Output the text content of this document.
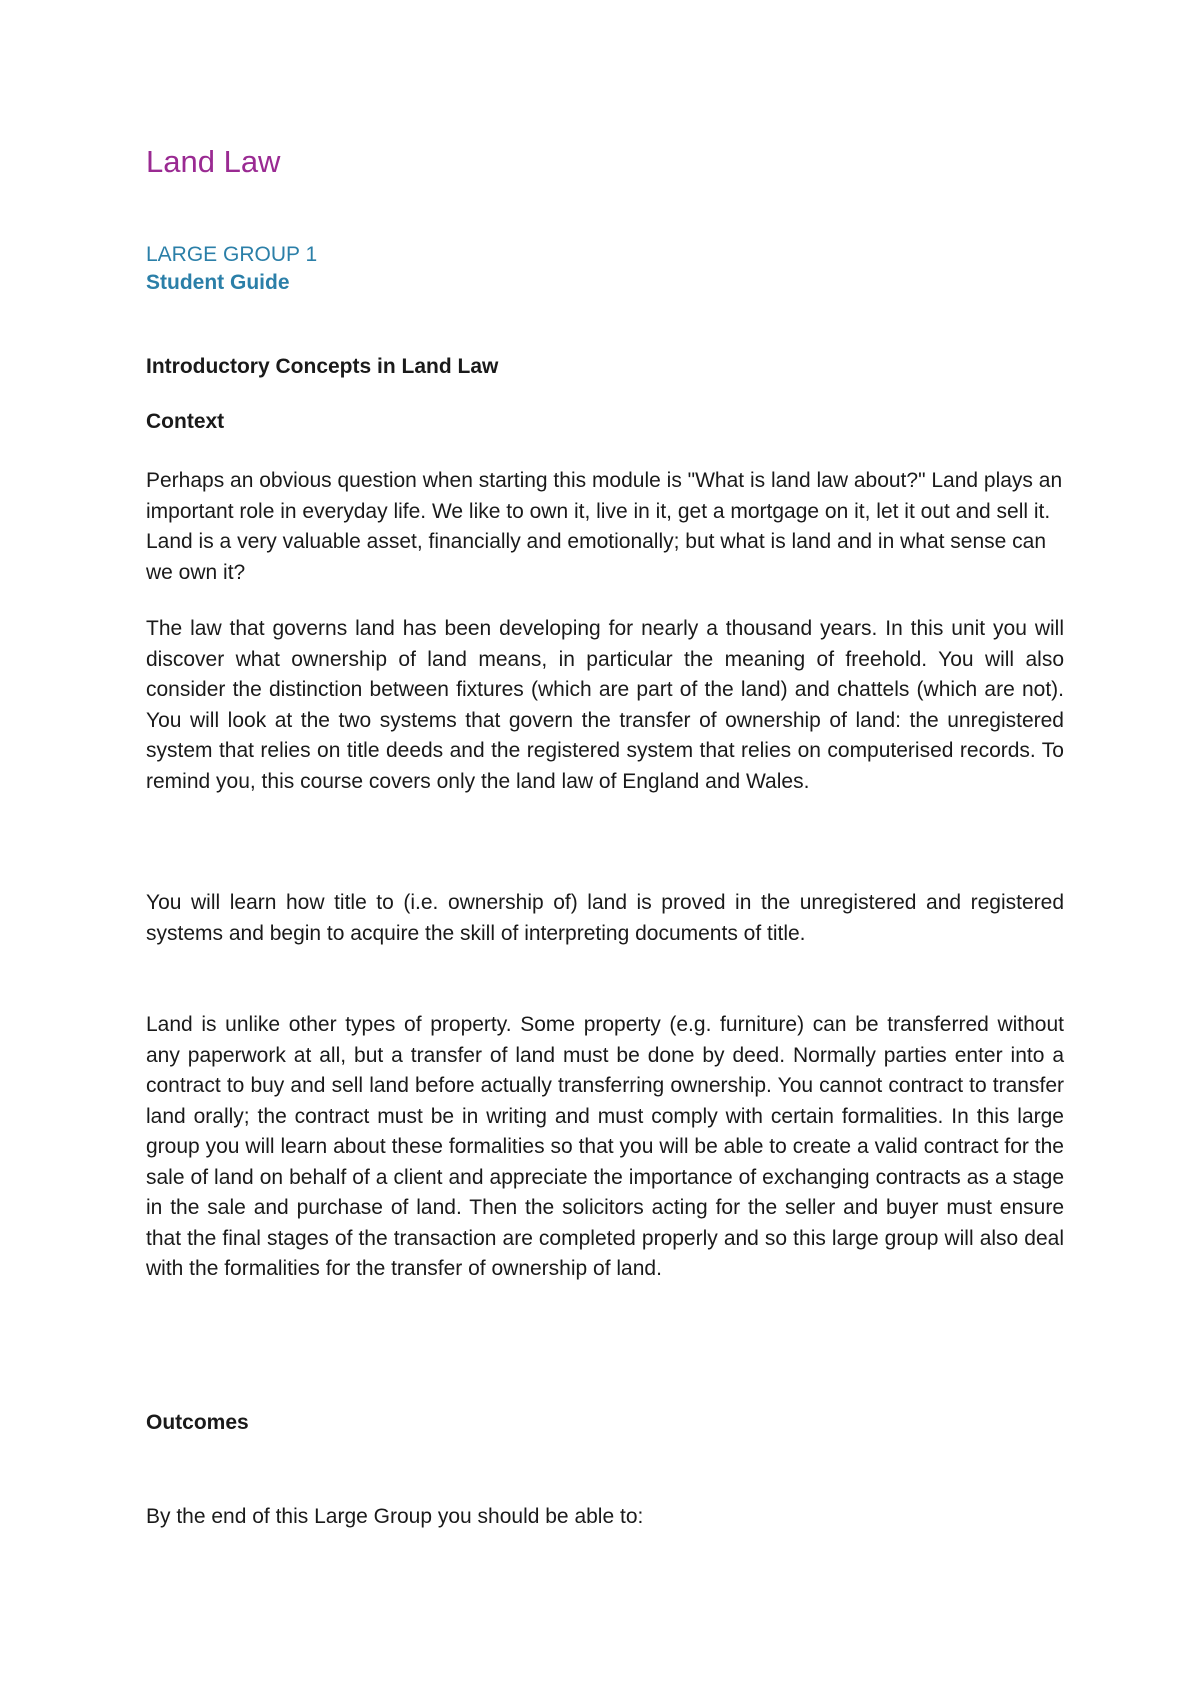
Land Law

LARGE GROUP 1

Student Guide

Introductory Concepts in Land Law
Context

Perhaps an obvious question when starting this module is "What is land law about?" Land plays an important role in everyday life. We like to own it, live in it, get a mortgage on it, let it out and sell it. Land is a very valuable asset, financially and emotionally; but what is land and in what sense can we own it?

The law that governs land has been developing for nearly a thousand years. In this unit you will discover what ownership of land means, in particular the meaning of freehold. You will also consider the distinction between fixtures (which are part of the land) and chattels (which are not). You will look at the two systems that govern the transfer of ownership of land: the unregistered system that relies on title deeds and the registered system that relies on computerised records. To remind you, this course covers only the land law of England and Wales.

You will learn how title to (i.e. ownership of) land is proved in the unregistered and registered systems and begin to acquire the skill of interpreting documents of title.

Land is unlike other types of property. Some property (e.g. furniture) can be transferred without any paperwork at all, but a transfer of land must be done by deed. Normally parties enter into a contract to buy and sell land before actually transferring ownership. You cannot contract to transfer land orally; the contract must be in writing and must comply with certain formalities. In this large group you will learn about these formalities so that you will be able to create a valid contract for the sale of land on behalf of a client and appreciate the importance of exchanging contracts as a stage in the sale and purchase of land. Then the solicitors acting for the seller and buyer must ensure that the final stages of the transaction are completed properly and so this large group will also deal with the formalities for the transfer of ownership of land.

Outcomes

By the end of this Large Group you should be able to:
